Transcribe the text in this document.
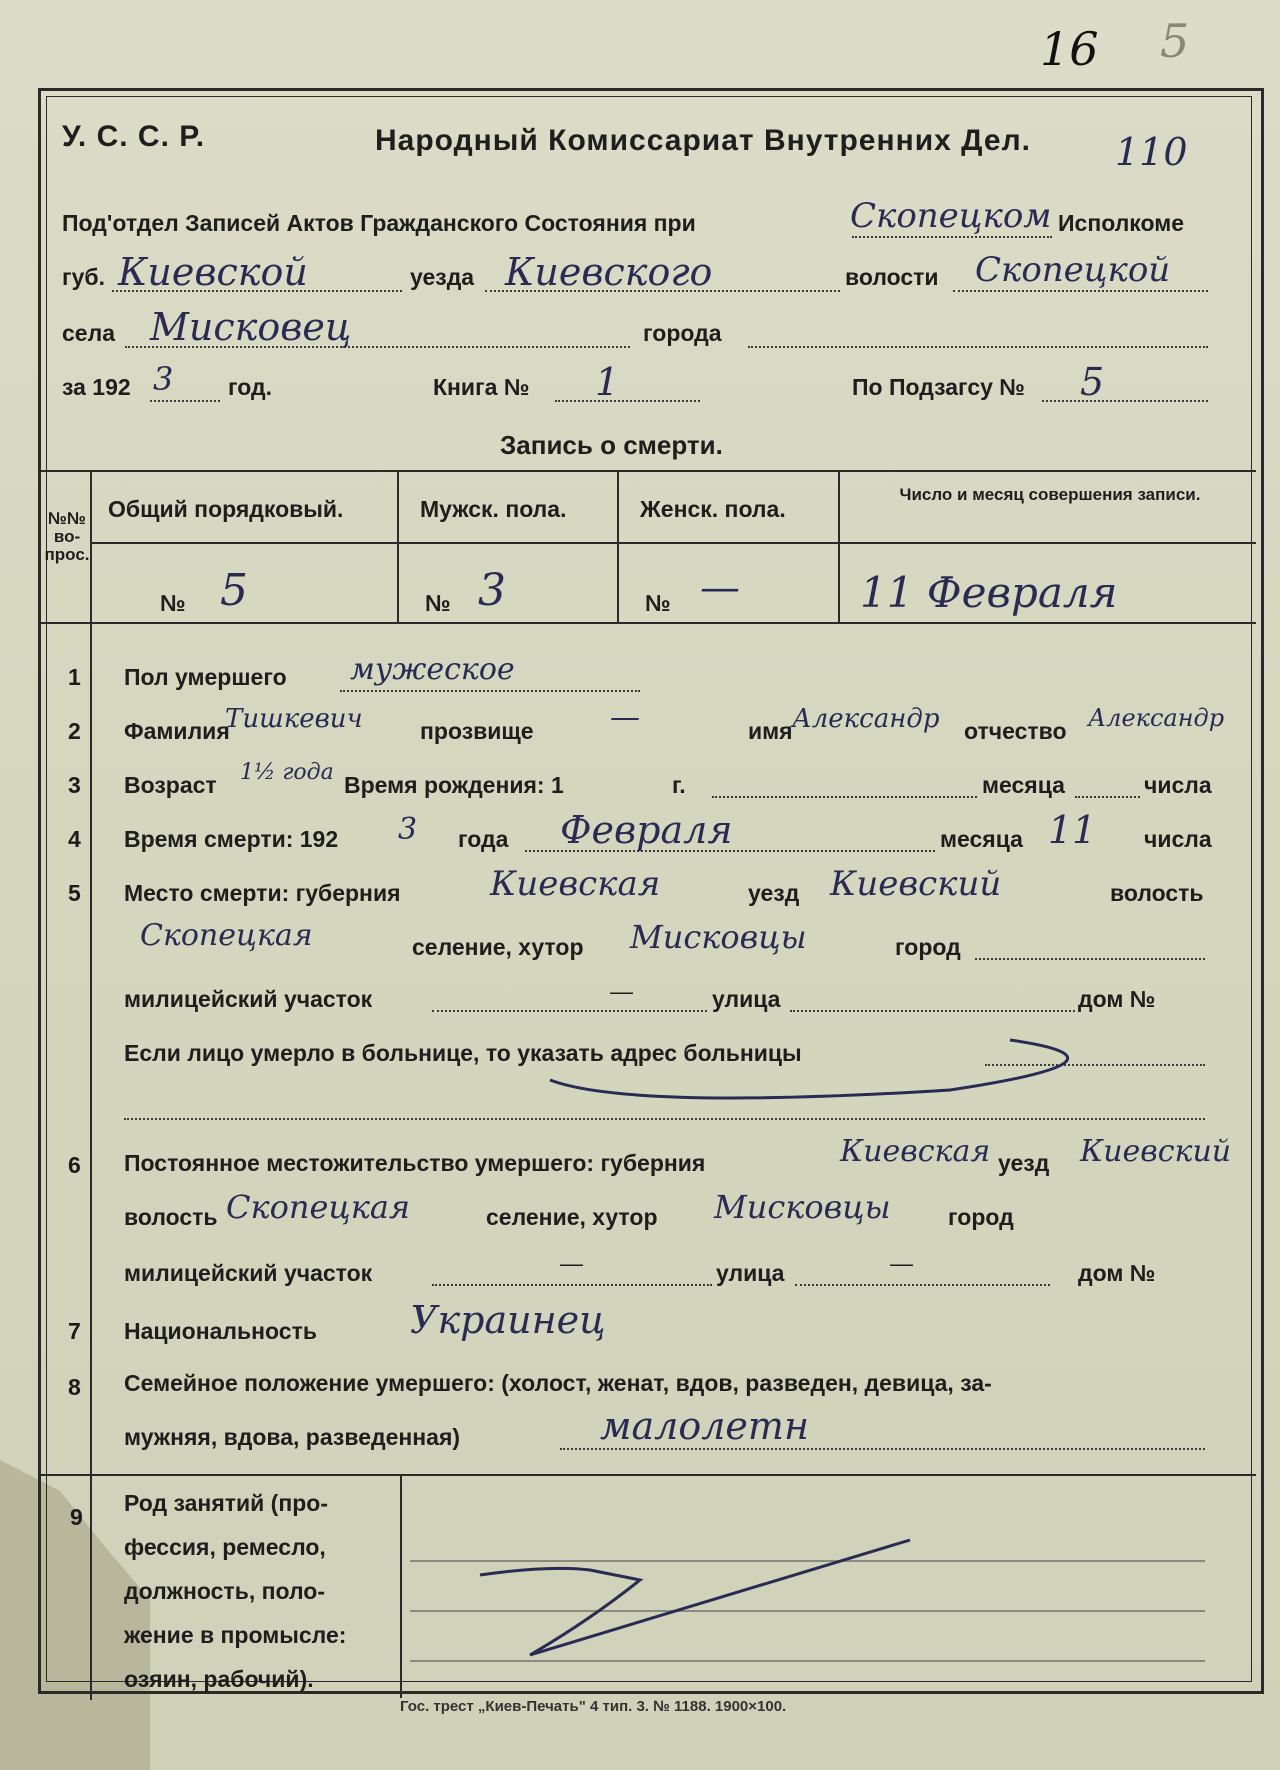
16 5
У. С. С. Р.	Народный Комиссариат Внутренних Дел. 110
Под'отдел Записей Актов Гражданского Состояния при	Скопецком Исполкоме
губ. Киевской	уезда Киевского	волости Скопецкой
села Мисковец	города
за 192 3 год.	Книга № 1	По Подзагсу № 5
Запись о смерти.
№№ во- прос.
Общий порядковый.	Мужск. пола.	Женск. пола.
Число и месяц совершения записи.
№ 5	№ 3	№ —	11 Февраля
1 Пол умершего мужеское
2 Фамилия
Тишкевич прозвище	—	имя Александр отчество Александр
3 Возраст 1½ года Время рождения: 1	г.	месяца	числа
4 Время смерти: 192 3 года Февраля	месяца 11 числа
5 Место смерти: губерния	Киевская	уезд Киевский	волость
Скопецкая	селение, хутор Мисковцы	город
милицейский участок	—	улица	дом №
Если лицо умерло в больнице, то указать адрес больницы
6 Постоянное местожительство умершего: губерния	Киевская уезд Киевский
волость Скопецкая	селение, хутор Мисковцы город
милицейский участок	—	улица	—	дом №
7 Национальность Украинец
8 Семейное положение умершего: (холост, женат, вдов, разведен, девица, за-
мужняя, вдова, разведенная)	малолетн
9
Род занятий (про-
фессия, ремесло,
должность, поло-
жение в промысле:
озяин, рабочий).
Гос. трест „Киев-Печать" 4 тип. 3. № 1188. 1900×100.
